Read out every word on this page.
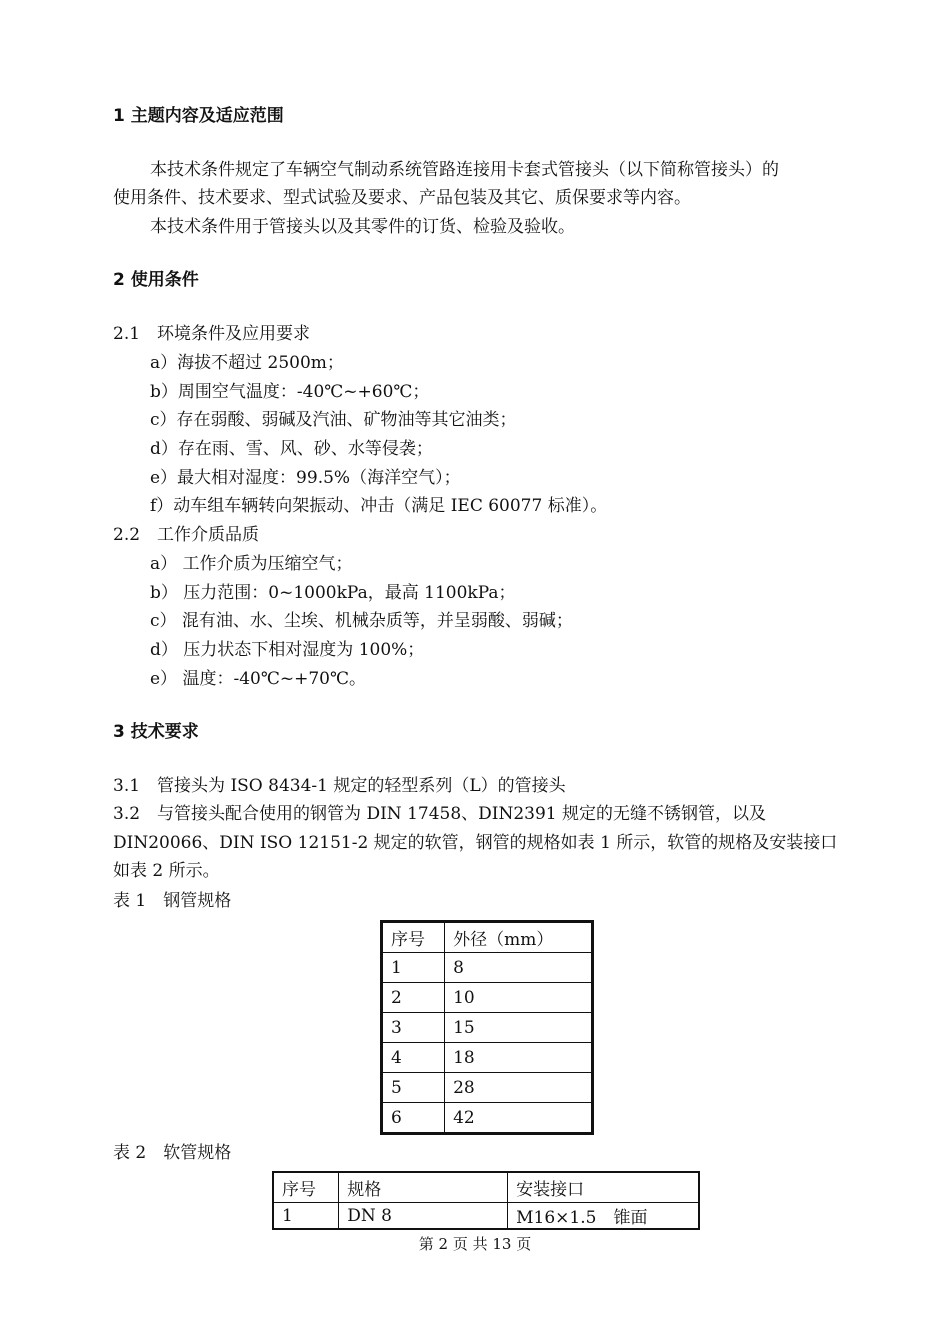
1 主题内容及适应范围
本技术条件规定了车辆空气制动系统管路连接用卡套式管接头（以下简称管接头）的
使用条件、技术要求、型式试验及要求、产品包装及其它、质保要求等内容。
本技术条件用于管接头以及其零件的订货、检验及验收。
2 使用条件
2.1　环境条件及应用要求
a）海拔不超过 2500m；
b）周围空气温度：-40℃~+60℃；
c）存在弱酸、弱碱及汽油、矿物油等其它油类；
d）存在雨、雪、风、砂、水等侵袭；
e）最大相对湿度：99.5%（海洋空气）；
f）动车组车辆转向架振动、冲击（满足 IEC 60077 标准）。
2.2　工作介质品质
a） 工作介质为压缩空气；
b） 压力范围：0~1000kPa，最高 1100kPa；
c） 混有油、水、尘埃、机械杂质等，并呈弱酸、弱碱；
d） 压力状态下相对湿度为 100%；
e） 温度：-40℃~+70℃。
3 技术要求
3.1　管接头为 ISO 8434-1 规定的轻型系列（L）的管接头
3.2　与管接头配合使用的钢管为 DIN 17458、DIN2391 规定的无缝不锈钢管，以及
DIN20066、DIN ISO 12151-2 规定的软管，钢管的规格如表 1 所示，软管的规格及安装接口
如表 2 所示。
表 1　钢管规格
序号	外径（mm）
1	8
2	10
3	15
4	18
5	28
6	42
表 2　软管规格
序号	规格	安装接口
1	DN 8	M16×1.5　锥面
第 2 页 共 13 页
